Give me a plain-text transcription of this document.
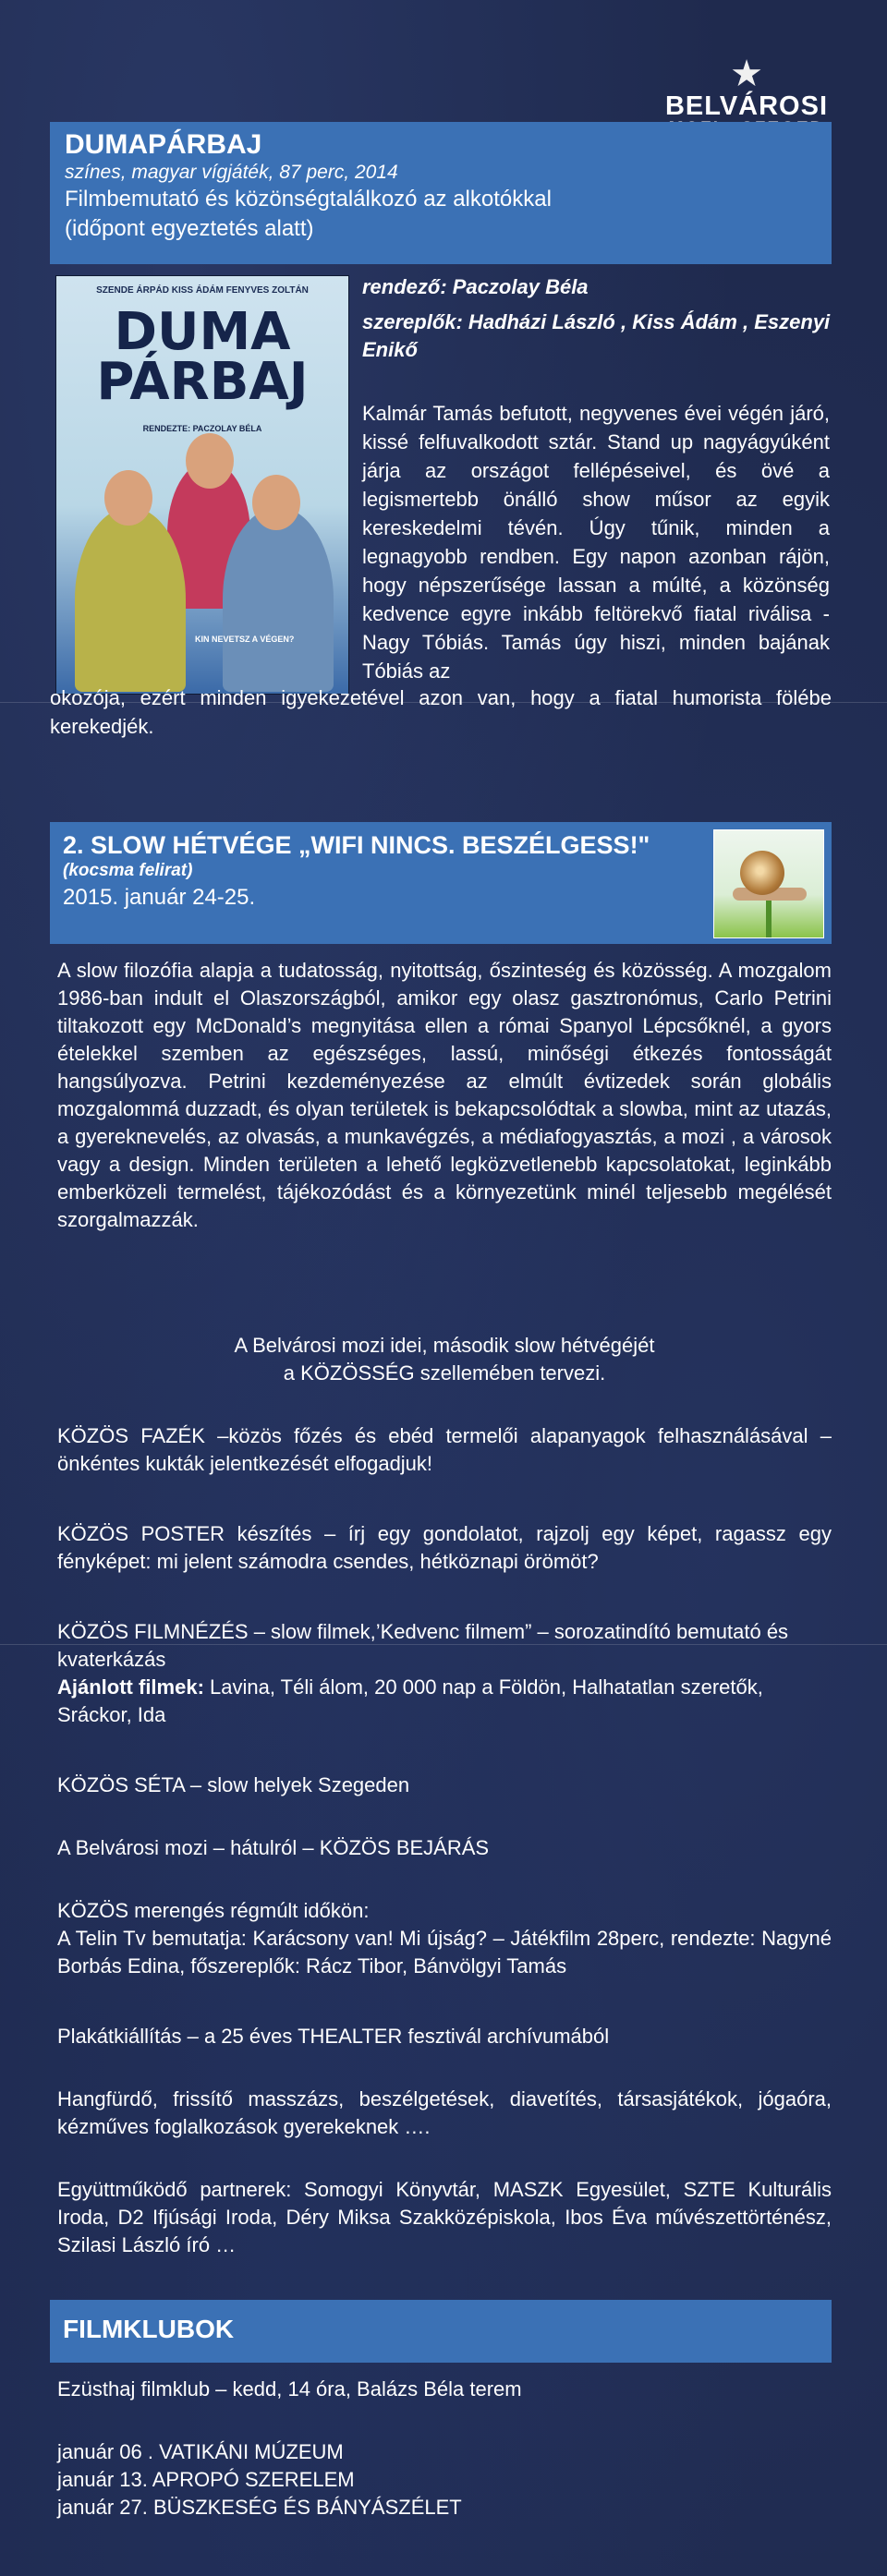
★
BELVÁROSI
DUMAPÁRBAJ
színes, magyar vígjáték, 87 perc, 2014
Filmbemutató és közönségtalálkozó az alkotókkal
(időpont egyeztetés alatt)
SZENDE ÁRPÁD KISS ÁDÁM FENYVES ZOLTÁN
DUMA PÁRBAJ
RENDEZTE: PACZOLAY BÉLA
KIN NEVETSZ A VÉGEN?

rendező: Paczolay Béla

szereplők: Hadházi László , Kiss Ádám , Eszenyi Enikő

Kalmár Tamás befutott, negyvenes évei végén járó, kissé felfuvalkodott sztár. Stand up nagyágyúként járja az országot fellépéseivel, és övé a legismertebb önálló show műsor az egyik kereskedelmi tévén. Úgy tűnik, minden a legnagyobb rendben. Egy napon azonban rájön, hogy népszerűsége lassan a múlté, a közönség kedvence egyre inkább feltörekvő fiatal riválisa - Nagy Tóbiás. Tamás úgy hiszi, minden bajának Tóbiás az
okozója, ezért minden igyekezetével azon van, hogy a fiatal humorista fölébe kerekedjék.
2. SLOW HÉTVÉGE „WIFI NINCS. BESZÉLGESS!"
(kocsma felirat)
2015. január 24-25.
A slow filozófia alapja a tudatosság, nyitottság, őszinteség és közösség. A mozgalom 1986-ban indult el Olaszországból, amikor egy olasz gasztronómus, Carlo Petrini tiltakozott egy McDonald’s megnyitása ellen a római Spanyol Lépcsőknél, a gyors ételekkel szemben az egészséges, lassú, minőségi étkezés fontosságát hangsúlyozva. Petrini kezdeményezése az elmúlt évtizedek során globális mozgalommá duzzadt, és olyan területek is bekapcsolódtak a slowba, mint az utazás, a gyereknevelés, az olvasás, a munkavégzés, a médiafogyasztás, a mozi , a városok vagy a design. Minden területen a lehető legközvetlenebb kapcsolatokat, leginkább emberközeli termelést, tájékozódást és a környezetünk minél teljesebb megélését szorgalmazzák.
A Belvárosi mozi idei, második slow hétvégéjét
a KÖZÖSSÉG szellemében tervezi.
KÖZÖS FAZÉK –közös főzés és ebéd termelői alapanyagok felhasználásával – önkéntes kukták jelentkezését elfogadjuk!
KÖZÖS POSTER készítés – írj egy gondolatot, rajzolj egy képet, ragassz egy fényképet: mi jelent számodra csendes, hétköznapi örömöt?
KÖZÖS FILMNÉZÉS – slow filmek,’Kedvenc filmem” – sorozatindító bemutató és kvaterkázás
Ajánlott filmek: Lavina, Téli álom, 20 000 nap a Földön, Halhatatlan szeretők, Sráckor, Ida
KÖZÖS SÉTA – slow helyek Szegeden
A Belvárosi mozi – hátulról – KÖZÖS BEJÁRÁS
KÖZÖS merengés régmúlt időkön:
A Telin Tv bemutatja: Karácsony van! Mi újság? – Játékfilm 28perc, rendezte: Nagyné Borbás Edina, főszereplők: Rácz Tibor, Bánvölgyi Tamás
Plakátkiállítás – a 25 éves THEALTER fesztivál archívumából
Hangfürdő, frissítő masszázs, beszélgetések, diavetítés, társasjátékok, jógaóra, kézműves foglalkozások gyerekeknek ….
Együttműködő partnerek: Somogyi Könyvtár, MASZK Egyesület, SZTE Kulturális Iroda, D2 Ifjúsági Iroda, Déry Miksa Szakközépiskola, Ibos Éva művészettörténész, Szilasi László író …
FILMKLUBOK
Ezüsthaj filmklub – kedd, 14 óra, Balázs Béla terem
január 06 . VATIKÁNI MÚZEUM
január 13. APROPÓ SZERELEM
január 27. BÜSZKESÉG ÉS BÁNYÁSZÉLET
